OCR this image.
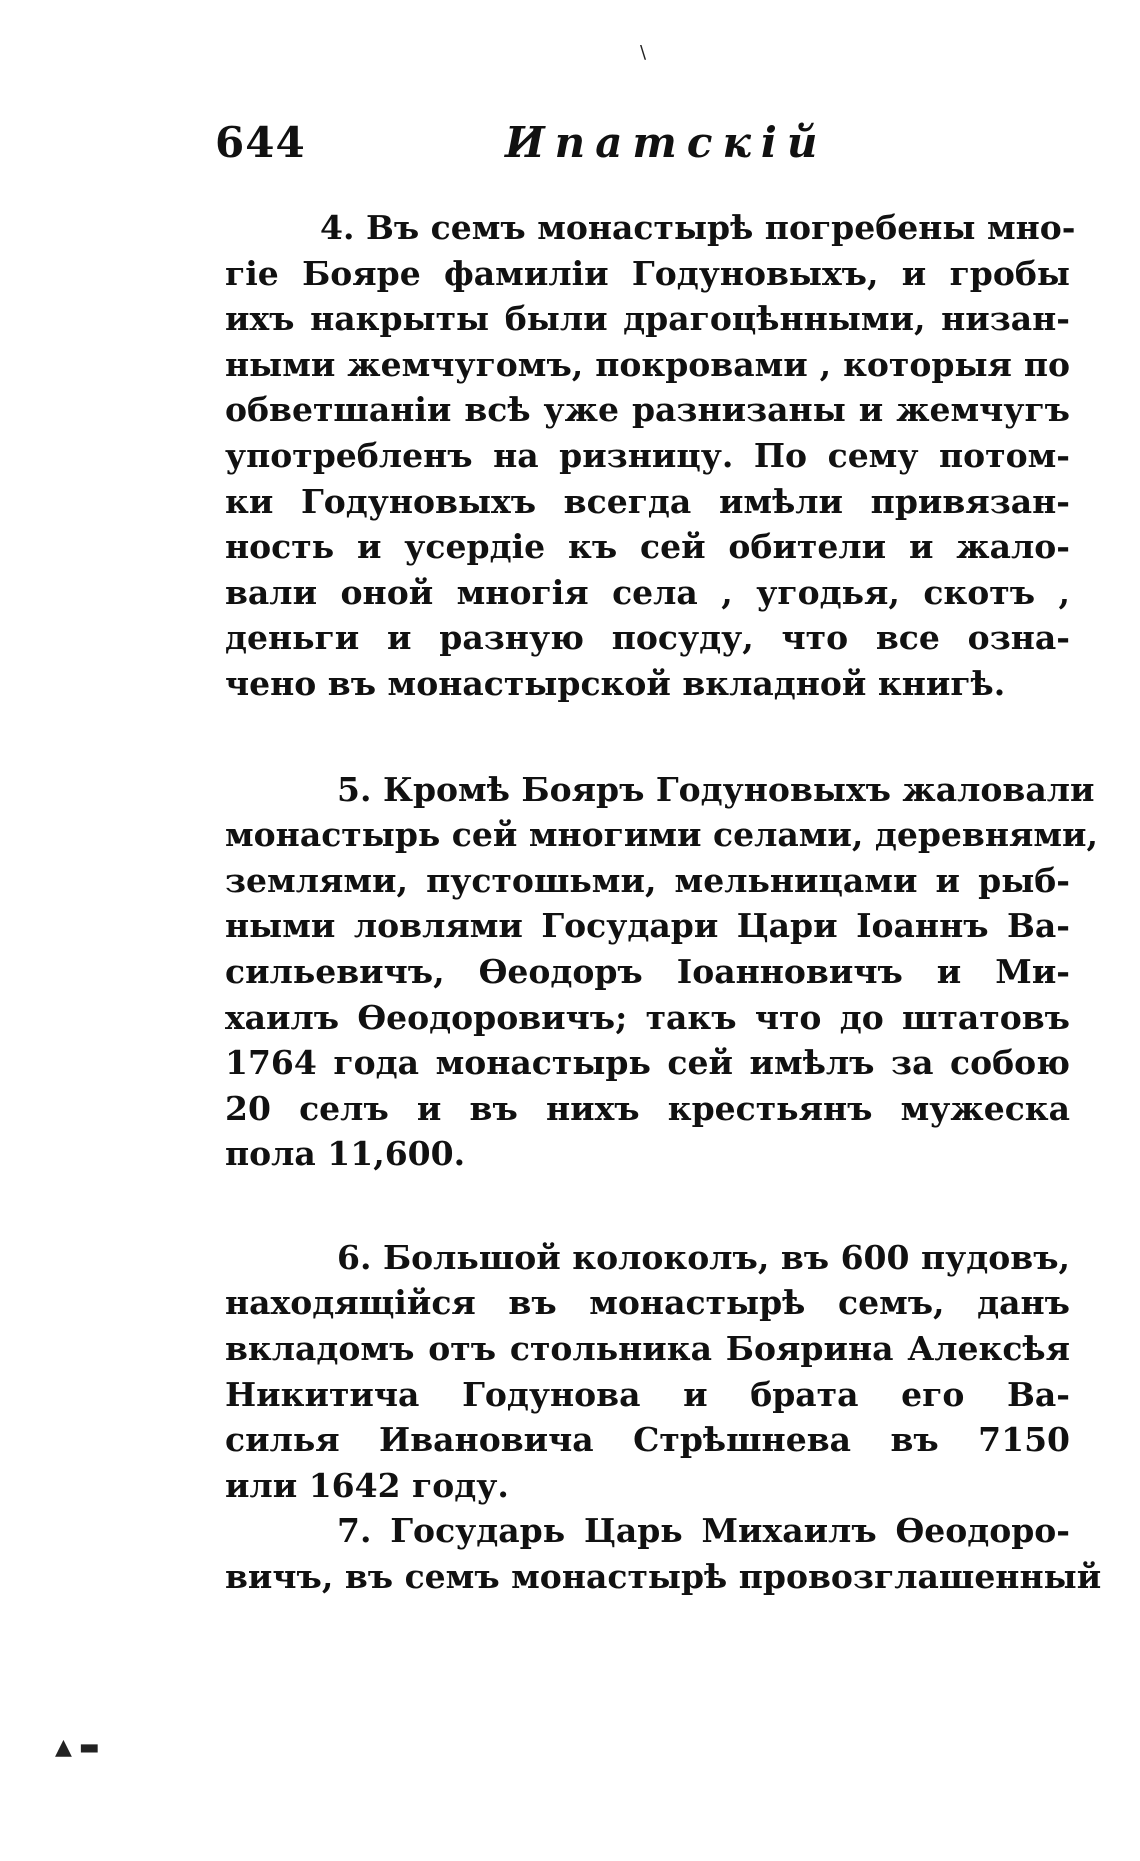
644	Ипатскій

4. Въ семъ монастырѣ погребены мно-
гіе Бояре фамиліи Годуновыхъ, и гробы
ихъ накрыты были драгоцѣнными, низан-
ными жемчугомъ, покровами , которыя по
обветшаніи всѣ уже разнизаны и жемчугъ
употребленъ на ризницу. По сему потом-
ки Годуновыхъ всегда имѣли привязан-
ность и усердіе къ сей обители и жало-
вали оной многія села , угодья, скотъ ,
деньги и разную посуду, что все озна-
чено въ монастырской вкладной книгѣ.

5. Кромѣ Бояръ Годуновыхъ жаловали
монастырь сей многими селами, деревнями,
землями, пустошьми, мельницами и рыб-
ными ловлями Государи Цари Іоаннъ Ва-
сильевичъ, Ѳеодоръ Іоанновичъ и Ми-
хаилъ Ѳеодоровичъ; такъ что до штатовъ
1764 года монастырь сей имѣлъ за собою
20 селъ и въ нихъ крестьянъ мужеска
пола 11,600.

6. Большой колоколъ, въ 600 пудовъ,
находящійся въ монастырѣ семъ, данъ
вкладомъ отъ стольника Боярина Алексѣя
Никитича Годунова и брата его Ва-
силья Ивановича Стрѣшнева въ 7150
или 1642 году.

7. Государь Царь Михаилъ Ѳеодоро-
вичъ, въ семъ монастырѣ провозглашенный

\
▲ ▬
